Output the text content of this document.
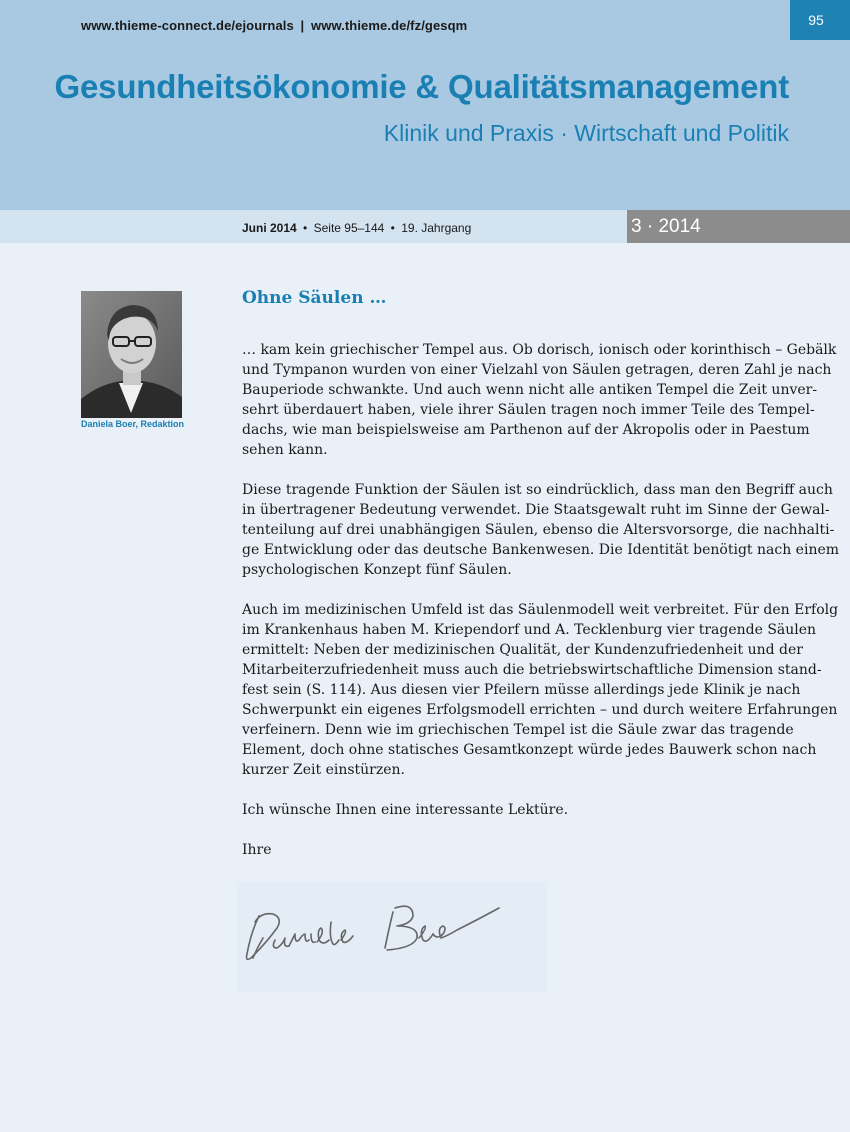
www.thieme-connect.de/ejournals | www.thieme.de/fz/gesqm	95
Gesundheitsökonomie & Qualitätsmanagement
Klinik und Praxis · Wirtschaft und Politik
Juni 2014 • Seite 95–144 • 19. Jahrgang	3 · 2014
Daniela Boer, Redaktion
Ohne Säulen …

… kam kein griechischer Tempel aus. Ob dorisch, ionisch oder korinthisch – Gebälk
und Tympanon wurden von einer Vielzahl von Säulen getragen, deren Zahl je nach
Bauperiode schwankte. Und auch wenn nicht alle antiken Tempel die Zeit unver-
sehrt überdauert haben, viele ihrer Säulen tragen noch immer Teile des Tempel-
dachs, wie man beispielsweise am Parthenon auf der Akropolis oder in Paestum
sehen kann.

Diese tragende Funktion der Säulen ist so eindrücklich, dass man den Begriff auch
in übertragener Bedeutung verwendet. Die Staatsgewalt ruht im Sinne der Gewal-
tenteilung auf drei unabhängigen Säulen, ebenso die Altersvorsorge, die nachhalti-
ge Entwicklung oder das deutsche Bankenwesen. Die Identität benötigt nach einem
psychologischen Konzept fünf Säulen.

Auch im medizinischen Umfeld ist das Säulenmodell weit verbreitet. Für den Erfolg
im Krankenhaus haben M. Kriependorf und A. Tecklenburg vier tragende Säulen
ermittelt: Neben der medizinischen Qualität, der Kundenzufriedenheit und der
Mitarbeiterzufriedenheit muss auch die betriebswirtschaftliche Dimension stand-
fest sein (S. 114). Aus diesen vier Pfeilern müsse allerdings jede Klinik je nach
Schwerpunkt ein eigenes Erfolgsmodell errichten – und durch weitere Erfahrungen
verfeinern. Denn wie im griechischen Tempel ist die Säule zwar das tragende
Element, doch ohne statisches Gesamtkonzept würde jedes Bauwerk schon nach
kurzer Zeit einstürzen.

Ich wünsche Ihnen eine interessante Lektüre.

Ihre
